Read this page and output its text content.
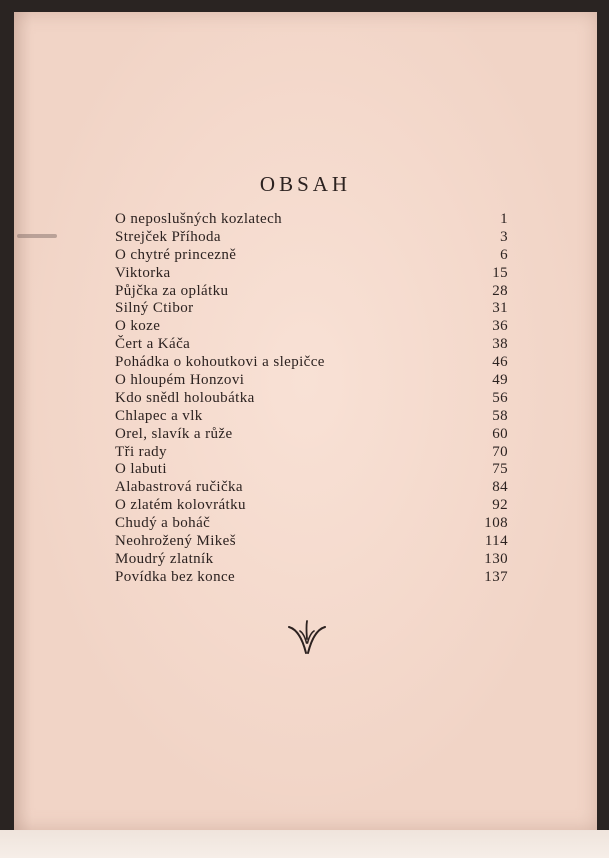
OBSAH
O neposlušných kozlatech	1
Strejček Příhoda	3
O chytré princezně	6
Viktorka	15
Půjčka za oplátku	28
Silný Ctibor	31
O koze	36
Čert a Káča	38
Pohádka o kohoutkovi a slepičce	46
O hloupém Honzovi	49
Kdo snědl holoubátka	56
Chlapec a vlk	58
Orel, slavík a růže	60
Tři rady	70
O labuti	75
Alabastrová ručička	84
O zlatém kolovrátku	92
Chudý a boháč	108
Neohrožený Mikeš	114
Moudrý zlatník	130
Povídka bez konce	137
